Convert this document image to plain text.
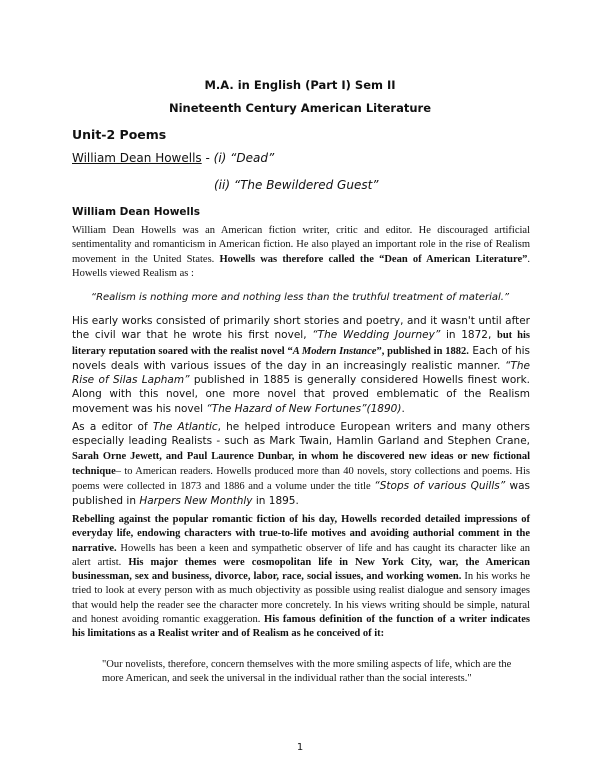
M.A. in English (Part I) Sem II
Nineteenth Century American Literature
Unit-2 Poems
William Dean Howells - (i) “Dead”
(ii) “The Bewildered Guest”
William Dean Howells

William Dean Howells was an American fiction writer, critic and editor. He discouraged artificial sentimentality and romanticism in American fiction. He also played an important role in the rise of Realism movement in the United States. Howells was therefore called the “Dean of American Literature”. Howells viewed Realism as :

“Realism is nothing more and nothing less than the truthful treatment of material.”

His early works consisted of primarily short stories and poetry, and it wasn't until after the civil war that he wrote his first novel, “The Wedding Journey” in 1872, but his literary reputation soared with the realist novel “A Modern Instance”, published in 1882. Each of his novels deals with various issues of the day in an increasingly realistic manner. “The Rise of Silas Lapham” published in 1885 is generally considered Howells finest work. Along with this novel, one more novel that proved emblematic of the Realism movement was his novel “The Hazard of New Fortunes”(1890).

As a editor of The Atlantic, he helped introduce European writers and many others especially leading Realists - such as Mark Twain, Hamlin Garland and Stephen Crane, Sarah Orne Jewett, and Paul Laurence Dunbar, in whom he discovered new ideas or new fictional technique– to American readers. Howells produced more than 40 novels, story collections and poems. His poems were collected in 1873 and 1886 and a volume under the title “Stops of various Quills” was published in Harpers New Monthly in 1895.

Rebelling against the popular romantic fiction of his day, Howells recorded detailed impressions of everyday life, endowing characters with true-to-life motives and avoiding authorial comment in the narrative. Howells has been a keen and sympathetic observer of life and has caught its character like an alert artist. His major themes were cosmopolitan life in New York City, war, the American businessman, sex and business, divorce, labor, race, social issues, and working women. In his works he tried to look at every person with as much objectivity as possible using realist dialogue and sensory images that would help the reader see the character more concretely. In his views writing should be simple, natural and honest avoiding romantic exaggeration. His famous definition of the function of a writer indicates his limitations as a Realist writer and of Realism as he conceived of it:

"Our novelists, therefore, concern themselves with the more smiling aspects of life, which are the more American, and seek the universal in the individual rather than the social interests."

1
